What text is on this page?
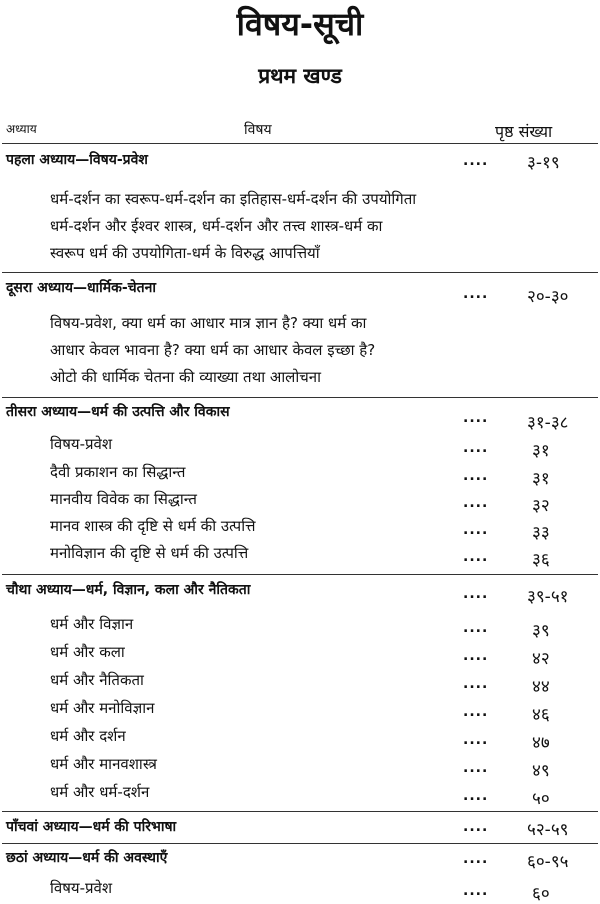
विषय-सूची
प्रथम खण्ड
अध्याय	विषय	पृष्ठ संख्या
पहला अध्याय—विषय-प्रवेश	.... ३-१९
धर्म-दर्शन का स्वरूप-धर्म-दर्शन का इतिहास-धर्म-दर्शन की उपयोगिता
धर्म-दर्शन और ईश्वर शास्त्र, धर्म-दर्शन और तत्त्व शास्त्र-धर्म का
स्वरूप धर्म की उपयोगिता-धर्म के विरुद्ध आपत्तियाँ
दूसरा अध्याय—धार्मिक-चेतना	.... २०-३०
विषय-प्रवेश, क्या धर्म का आधार मात्र ज्ञान है? क्या धर्म का
आधार केवल भावना है? क्या धर्म का आधार केवल इच्छा है?
ओटो की धार्मिक चेतना की व्याख्या तथा आलोचना
तीसरा अध्याय—धर्म की उत्पत्ति और विकास	.... ३१-३८
विषय-प्रवेश	....	३१
दैवी प्रकाशन का सिद्धान्त	....	३१
मानवीय विवेक का सिद्धान्त	....	३२
मानव शास्त्र की दृष्टि से धर्म की उत्पत्ति	....	३३
मनोविज्ञान की दृष्टि से धर्म की उत्पत्ति	....	३६
चौथा अध्याय—धर्म, विज्ञान, कला और नैतिकता	.... ३९-५१
धर्म और विज्ञान	....	३९
धर्म और कला	....	४२
धर्म और नैतिकता	....	४४
धर्म और मनोविज्ञान	....	४६
धर्म और दर्शन	....	४७
धर्म और मानवशास्त्र	....	४९
धर्म और धर्म-दर्शन	....	५०
पाँचवां अध्याय—धर्म की परिभाषा	.... ५२-५९
छठां अध्याय—धर्म की अवस्थाएँ	.... ६०-९५
विषय-प्रवेश	....	६०
